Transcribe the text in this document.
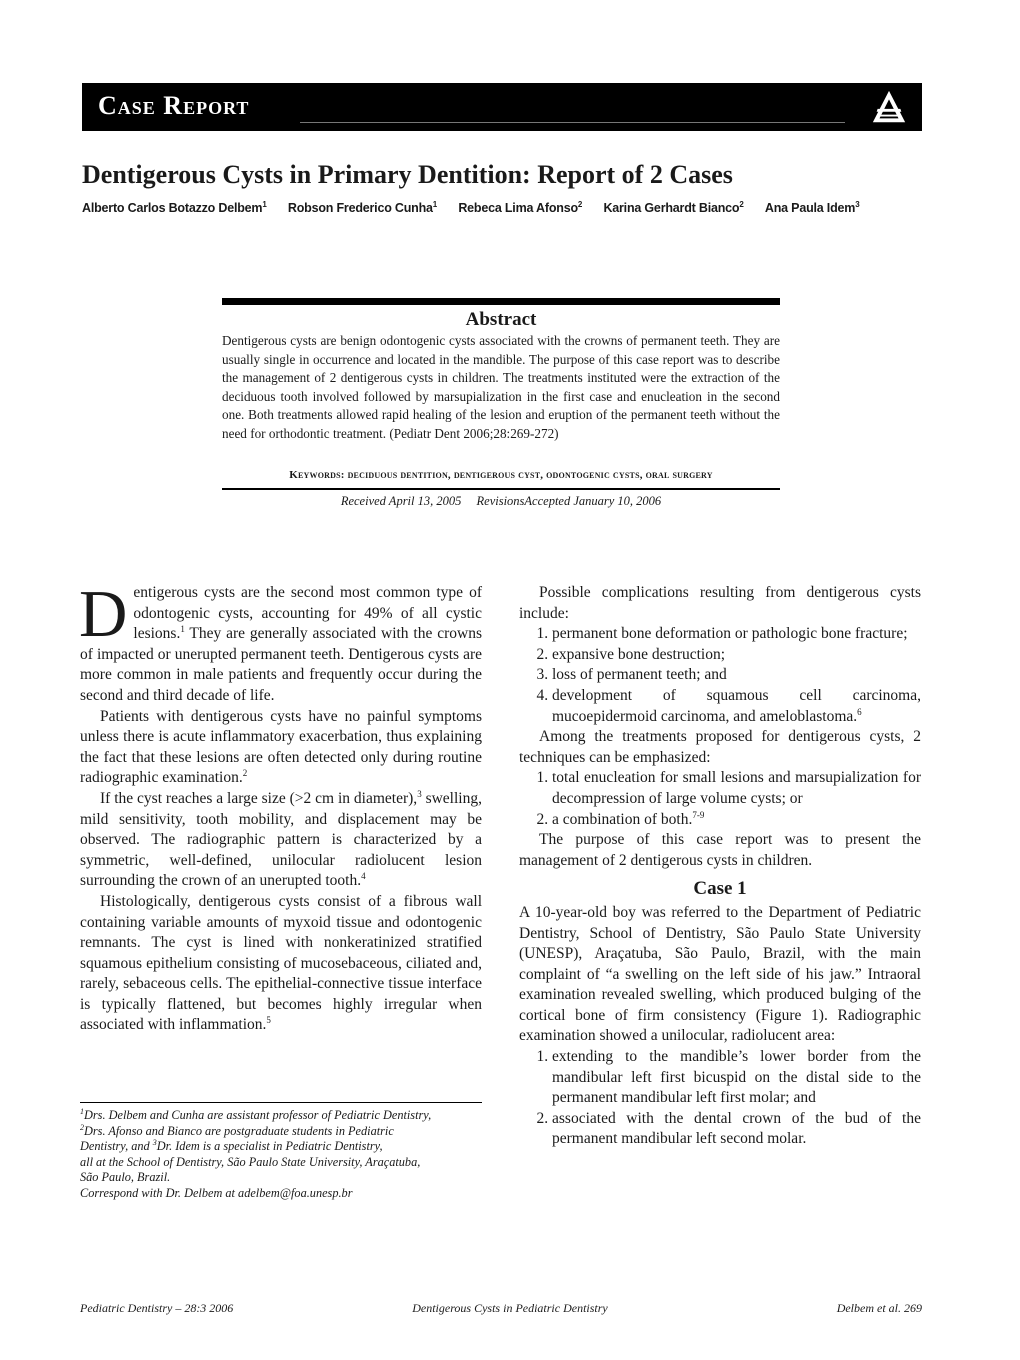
Case Report
Dentigerous Cysts in Primary Dentition: Report of 2 Cases
Alberto Carlos Botazzo Delbem$^1$ Robson Frederico Cunha$^1$ Rebeca Lima Afonso$^2$ Karina Gerhardt Bianco$^2$ Ana Paula Idem$^3$
Abstract
Dentigerous cysts are benign odontogenic cysts associated with the crowns of permanent teeth. They are usually single in occurrence and located in the mandible. The purpose of this case report was to describe the management of 2 dentigerous cysts in children. The treatments instituted were the extraction of the deciduous tooth involved followed by marsupialization in the first case and enucleation in the second one. Both treatments allowed rapid healing of the lesion and eruption of the permanent teeth without the need for orthodontic treatment. (Pediatr Dent 2006;28:269-272)
Keywords: deciduous dentition, dentigerous cyst, odontogenic cysts, oral surgery
Received April 13, 2005 RevisionsAccepted January 10, 2006

Dentigerous cysts are the second most common type of odontogenic cysts, accounting for 49% of all cystic lesions.$^1$ They are generally associated with the crowns of impacted or unerupted permanent teeth. Dentigerous cysts are more common in male patients and frequently occur during the second and third decade of life.

Patients with dentigerous cysts have no painful symptoms unless there is acute inflammatory exacerbation, thus explaining the fact that these lesions are often detected only during routine radiographic examination.$^2$

If the cyst reaches a large size (>2 cm in diameter),$^3$ swelling, mild sensitivity, tooth mobility, and displacement may be observed. The radiographic pattern is characterized by a symmetric, well-defined, unilocular radiolucent lesion surrounding the crown of an unerupted tooth.$^4$

Histologically, dentigerous cysts consist of a fibrous wall containing variable amounts of myxoid tissue and odontogenic remnants. The cyst is lined with nonkeratinized stratified squamous epithelium consisting of mucosebaceous, ciliated and, rarely, sebaceous cells. The epithelial-connective tissue interface is typically flattened, but becomes highly irregular when associated with inflammation.$^5$

$^1$Drs. Delbem and Cunha are assistant professor of Pediatric Dentistry,
$^2$Drs. Afonso and Bianco are postgraduate students in Pediatric
Dentistry, and $^3$Dr. Idem is a specialist in Pediatric Dentistry,
all at the School of Dentistry, São Paulo State University, Araçatuba,
São Paulo, Brazil.
Correspond with Dr. Delbem at adelbem@foa.unesp.br

Possible complications resulting from dentigerous cysts include:

1. permanent bone deformation or pathologic bone fracture;
2. expansive bone destruction;
3. loss of permanent teeth; and
4. development of squamous cell carcinoma, mucoepidermoid carcinoma, and ameloblastoma.$^6$

Among the treatments proposed for dentigerous cysts, 2 techniques can be emphasized:

1. total enucleation for small lesions and marsupialization for decompression of large volume cysts; or
2. a combination of both.$^{7-9}$

The purpose of this case report was to present the management of 2 dentigerous cysts in children.

Case 1

A 10-year-old boy was referred to the Department of Pediatric Dentistry, School of Dentistry, São Paulo State University (UNESP), Araçatuba, São Paulo, Brazil, with the main complaint of “a swelling on the left side of his jaw.” Intraoral examination revealed swelling, which produced bulging of the cortical bone of firm consistency (Figure 1). Radiographic examination showed a unilocular, radiolucent area:

1. extending to the mandible’s lower border from the mandibular left first bicuspid on the distal side to the permanent mandibular left first molar; and
2. associated with the dental crown of the bud of the permanent mandibular left second molar.
Pediatric Dentistry – 28:3 2006	Dentigerous Cysts in Pediatric Dentistry	Delbem et al. 269
